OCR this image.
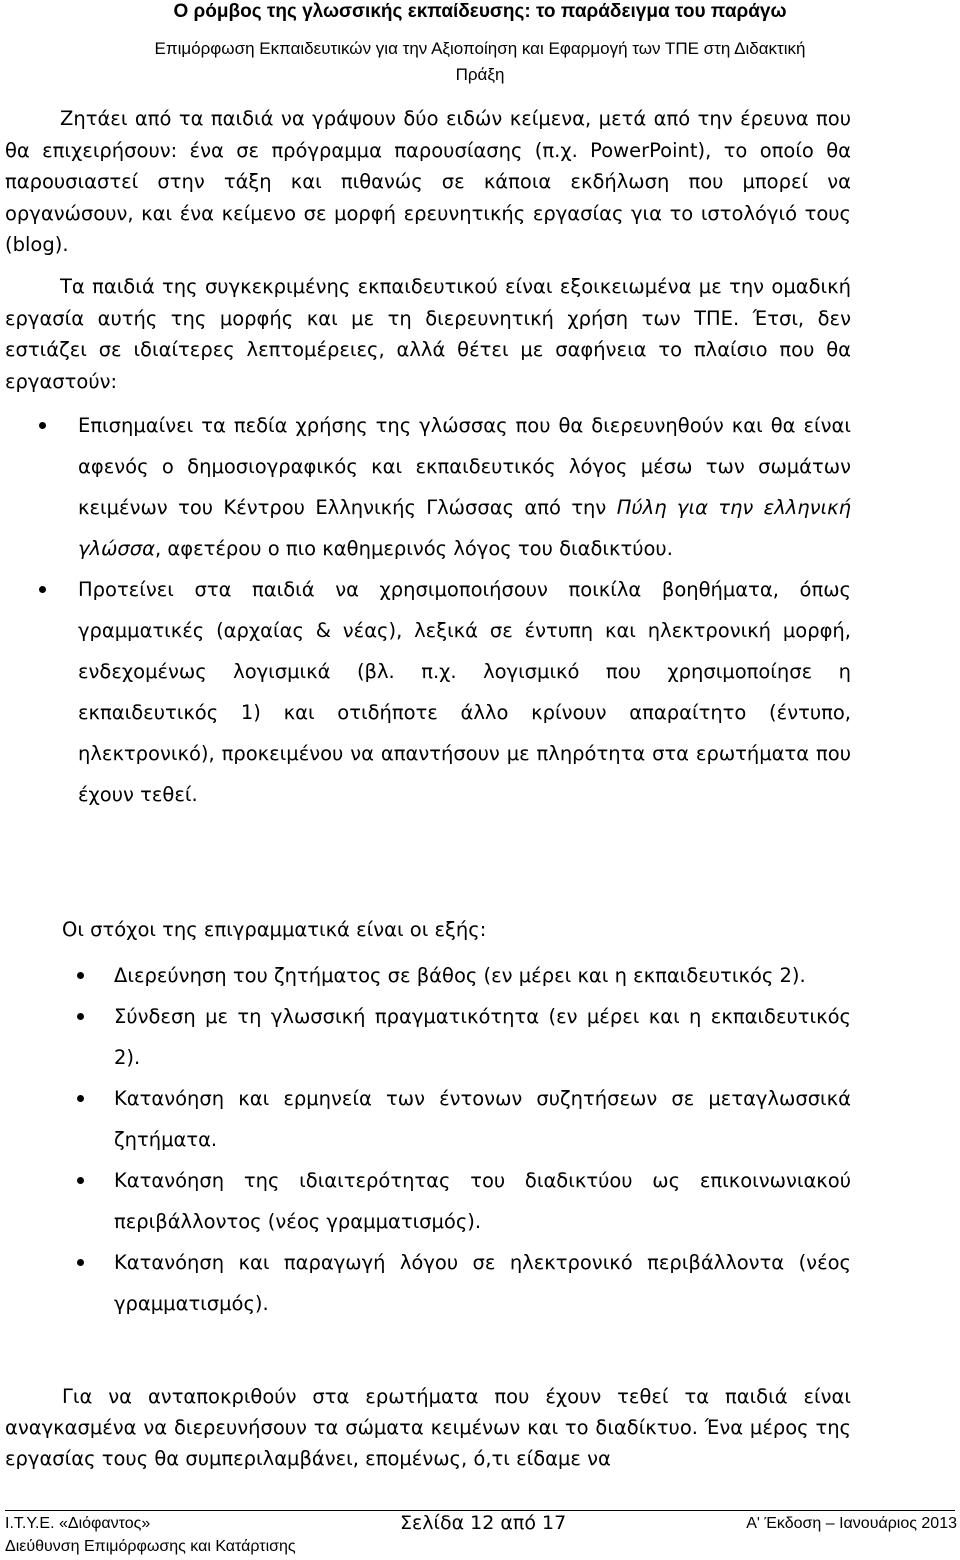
Ο ρόμβος της γλωσσικής εκπαίδευσης: το παράδειγμα του παράγω
Επιμόρφωση Εκπαιδευτικών για την Αξιοποίηση και Εφαρμογή των ΤΠΕ στη Διδακτική
Πράξη

Ζητάει από τα παιδιά να γράψουν δύο ειδών κείμενα, μετά από την έρευνα που θα επιχειρήσουν: ένα σε πρόγραμμα παρουσίασης (π.χ. PowerPoint), το οποίο θα παρουσιαστεί στην τάξη και πιθανώς σε κάποια εκδήλωση που μπορεί να οργανώσουν, και ένα κείμενο σε μορφή ερευνητικής εργασίας για το ιστολόγιό τους (blog).

Τα παιδιά της συγκεκριμένης εκπαιδευτικού είναι εξοικειωμένα με την ομαδική εργασία αυτής της μορφής και με τη διερευνητική χρήση των ΤΠΕ. Έτσι, δεν εστιάζει σε ιδιαίτερες λεπτομέρειες, αλλά θέτει με σαφήνεια το πλαίσιο που θα εργαστούν:

Επισημαίνει τα πεδία χρήσης της γλώσσας που θα διερευνηθούν και θα είναι αφενός ο δημοσιογραφικός και εκπαιδευτικός λόγος μέσω των σωμάτων κειμένων του Κέντρου Ελληνικής Γλώσσας από την Πύλη για την ελληνική γλώσσα, αφετέρου ο πιο καθημερινός λόγος του διαδικτύου.
Προτείνει στα παιδιά να χρησιμοποιήσουν ποικίλα βοηθήματα, όπως γραμματικές (αρχαίας & νέας), λεξικά σε έντυπη και ηλεκτρονική μορφή, ενδεχομένως λογισμικά (βλ. π.χ. λογισμικό που χρησιμοποίησε η εκπαιδευτικός 1) και οτιδήποτε άλλο κρίνουν απαραίτητο (έντυπο, ηλεκτρονικό), προκειμένου να απαντήσουν με πληρότητα στα ερωτήματα που έχουν τεθεί.

Οι στόχοι της επιγραμματικά είναι οι εξής:

Διερεύνηση του ζητήματος σε βάθος (εν μέρει και η εκπαιδευτικός 2).
Σύνδεση με τη γλωσσική πραγματικότητα (εν μέρει και η εκπαιδευτικός 2).
Κατανόηση και ερμηνεία των έντονων συζητήσεων σε μεταγλωσσικά ζητήματα.
Κατανόηση της ιδιαιτερότητας του διαδικτύου ως επικοινωνιακού περιβάλλοντος (νέος γραμματισμός).
Κατανόηση και παραγωγή λόγου σε ηλεκτρονικό περιβάλλοντα (νέος γραμματισμός).

Για να ανταποκριθούν στα ερωτήματα που έχουν τεθεί τα παιδιά είναι αναγκασμένα να διερευνήσουν τα σώματα κειμένων και το διαδίκτυο. Ένα μέρος της εργασίας τους θα συμπεριλαμβάνει, επομένως, ό,τι είδαμε να

Ι.Τ.Υ.Ε. «Διόφαντος»	Σελίδα 12 από 17	Α' Έκδοση – Ιανουάριος 2013
Διεύθυνση Επιμόρφωσης και Κατάρτισης
